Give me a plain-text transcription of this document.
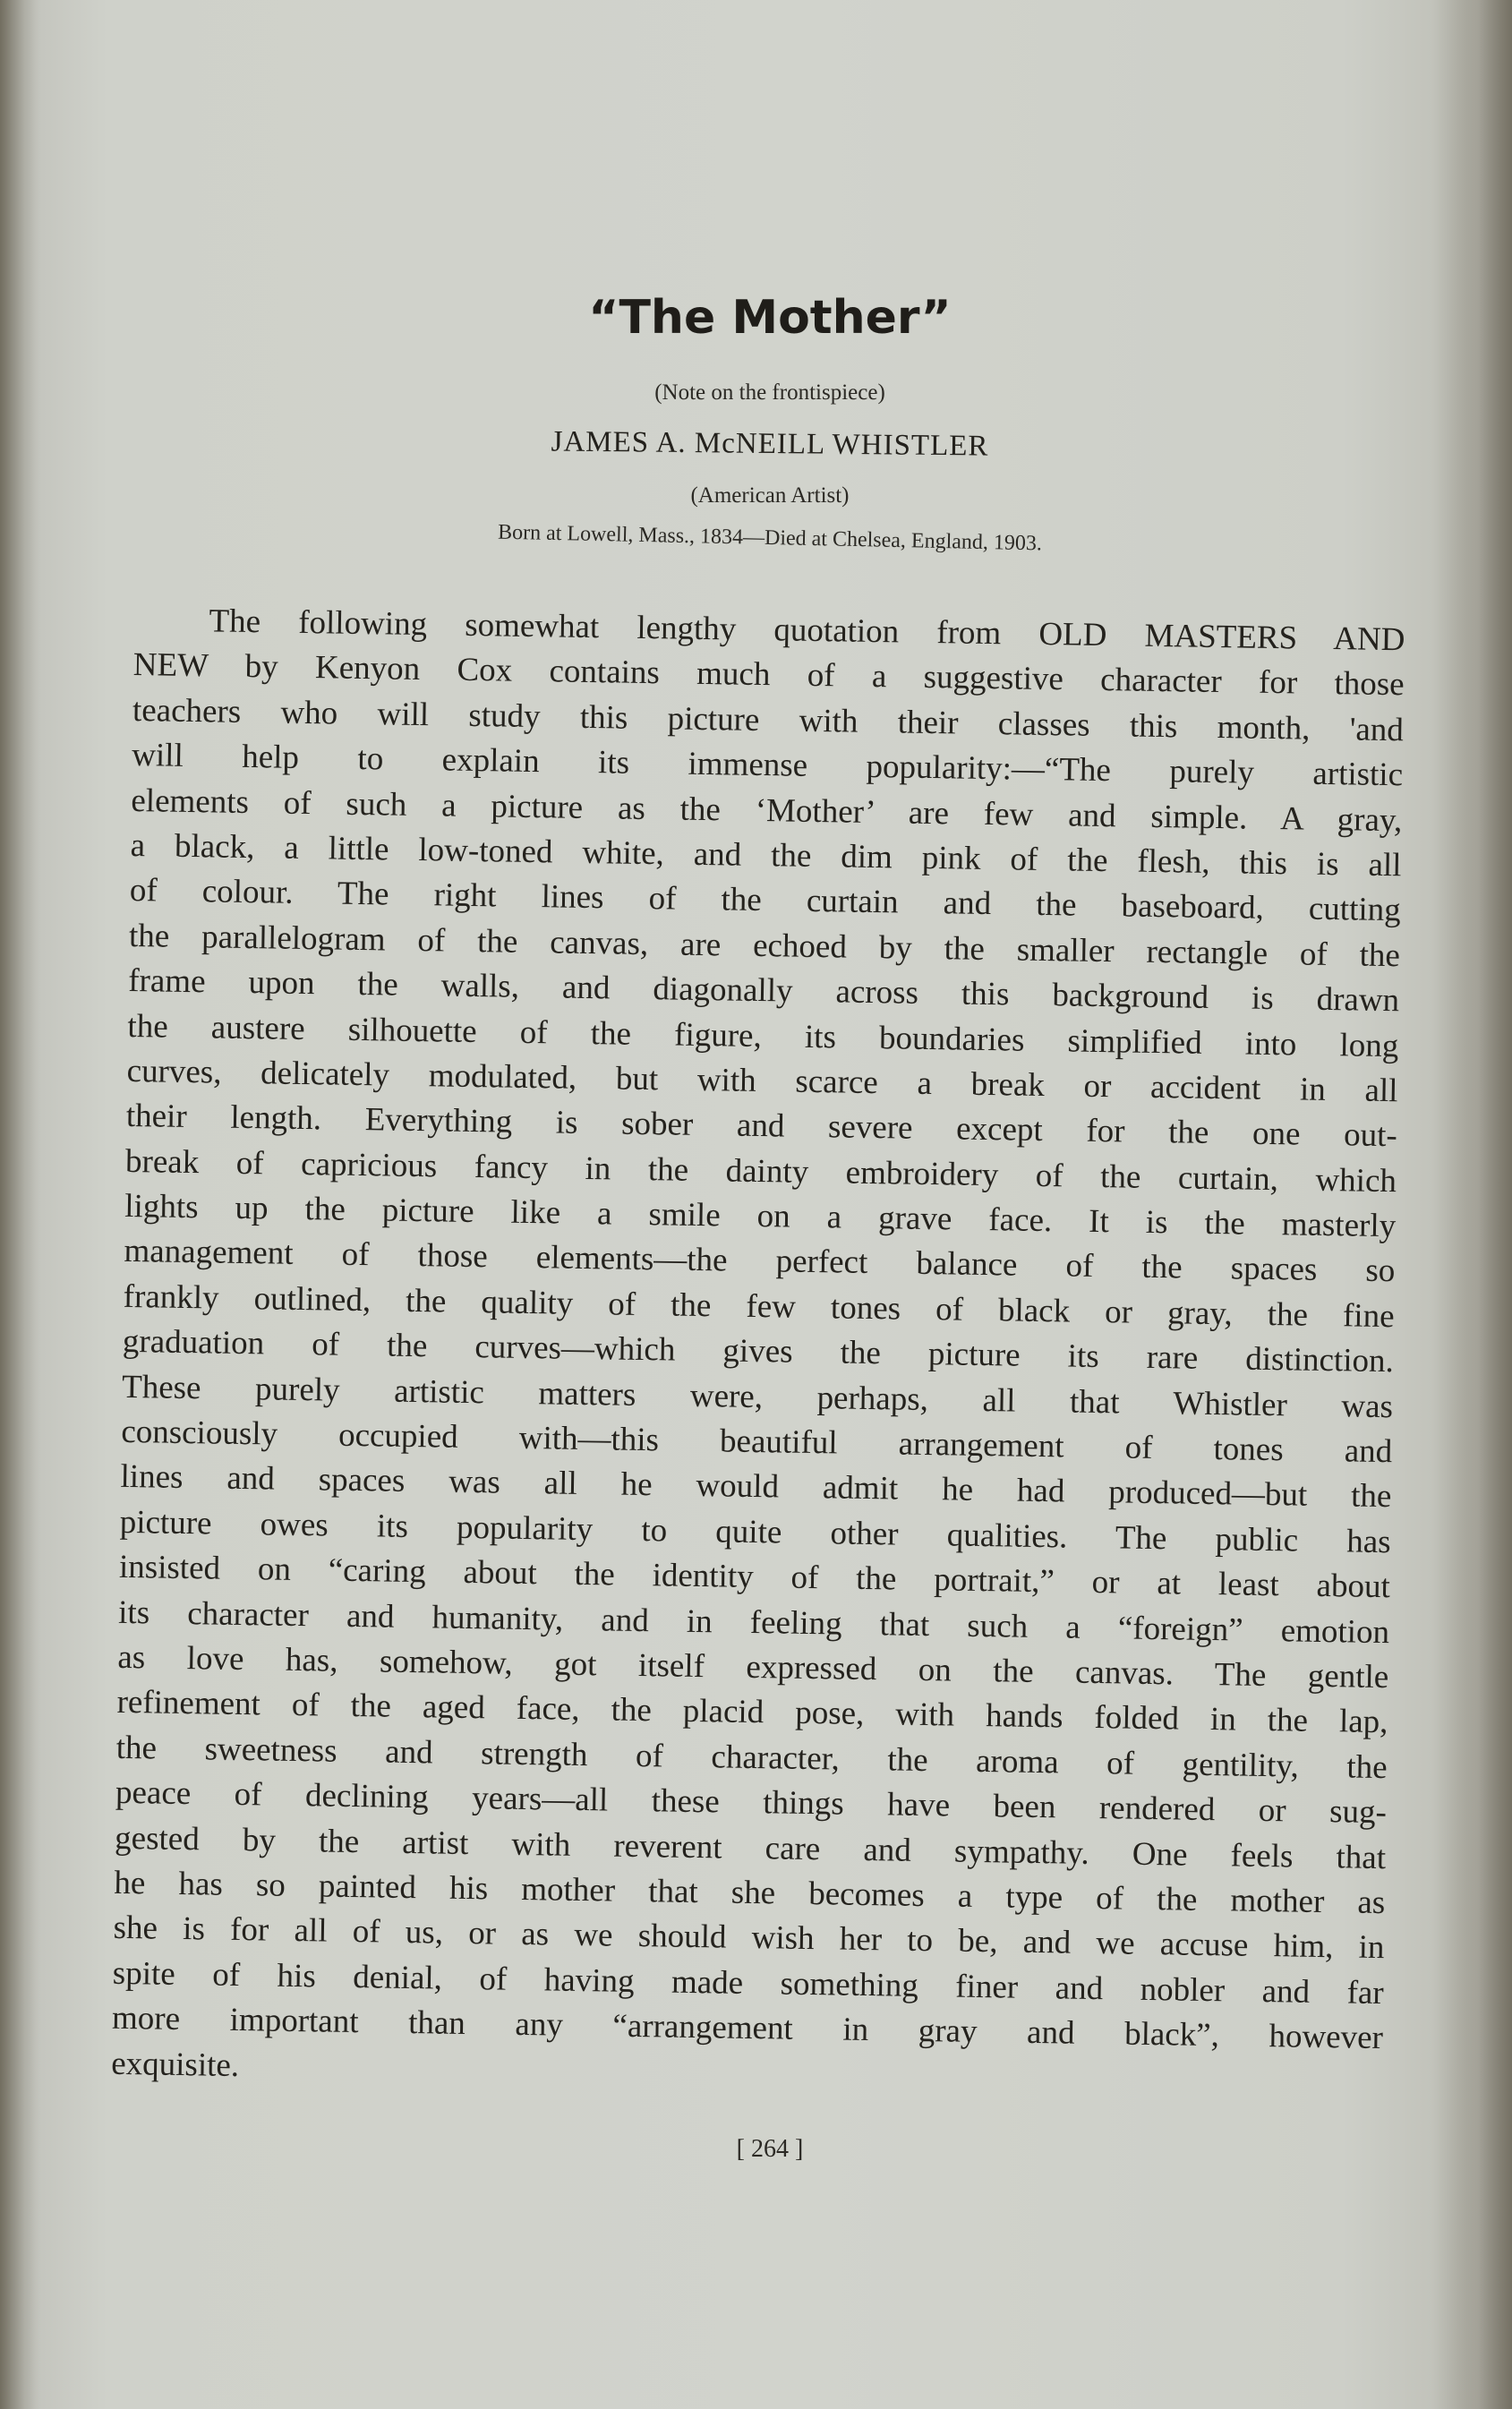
“The Mother”
(Note on the frontispiece)
JAMES A. McNEILL WHISTLER
(American Artist)
Born at Lowell, Mass., 1834—Died at Chelsea, England, 1903.
The following somewhat lengthy quotation from OLD MASTERS AND
NEW by Kenyon Cox contains much of a suggestive character for those
teachers who will study this picture with their classes this month, 'and
will help to explain its immense popularity:—“The purely artistic
elements of such a picture as the ‘Mother’ are few and simple. A gray,
a black, a little low-toned white, and the dim pink of the flesh, this is all
of colour. The right lines of the curtain and the baseboard, cutting
the parallelogram of the canvas, are echoed by the smaller rectangle of the
frame upon the walls, and diagonally across this background is drawn
the austere silhouette of the figure, its boundaries simplified into long
curves, delicately modulated, but with scarce a break or accident in all
their length. Everything is sober and severe except for the one out-
break of capricious fancy in the dainty embroidery of the curtain, which
lights up the picture like a smile on a grave face. It is the masterly
management of those elements—the perfect balance of the spaces so
frankly outlined, the quality of the few tones of black or gray, the fine
graduation of the curves—which gives the picture its rare distinction.
These purely artistic matters were, perhaps, all that Whistler was
consciously occupied with—this beautiful arrangement of tones and
lines and spaces was all he would admit he had produced—but the
picture owes its popularity to quite other qualities. The public has
insisted on “caring about the identity of the portrait,” or at least about
its character and humanity, and in feeling that such a “foreign” emotion
as love has, somehow, got itself expressed on the canvas. The gentle
refinement of the aged face, the placid pose, with hands folded in the lap,
the sweetness and strength of character, the aroma of gentility, the
peace of declining years—all these things have been rendered or sug-
gested by the artist with reverent care and sympathy. One feels that
he has so painted his mother that she becomes a type of the mother as
she is for all of us, or as we should wish her to be, and we accuse him, in
spite of his denial, of having made something finer and nobler and far
more important than any “arrangement in gray and black”, however
exquisite.
[ 264 ]
